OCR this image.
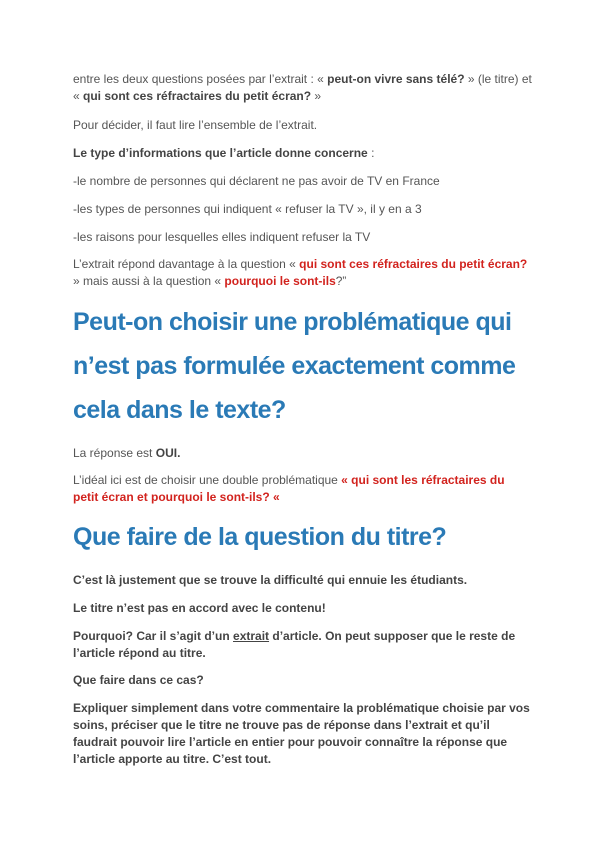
entre les deux questions posées par l’extrait : « peut-on vivre sans télé? » (le titre) et « qui sont ces réfractaires du petit écran? »

Pour décider, il faut lire l’ensemble de l’extrait.

Le type d’informations que l’article donne concerne :

-le nombre de personnes qui déclarent ne pas avoir de TV en France

-les types de personnes qui indiquent « refuser la TV », il y en a 3

-les raisons pour lesquelles elles indiquent refuser la TV

L’extrait répond davantage à la question « qui sont ces réfractaires du petit écran? » mais aussi à la question « pourquoi le sont-ils?”

Peut-on choisir une problématique qui n’est pas formulée exactement comme cela dans le texte?

La réponse est OUI.

L’idéal ici est de choisir une double problématique « qui sont les réfractaires du petit écran et pourquoi le sont-ils? «

Que faire de la question du titre?

C’est là justement que se trouve la difficulté qui ennuie les étudiants.

Le titre n’est pas en accord avec le contenu!

Pourquoi? Car il s’agit d’un extrait d’article. On peut supposer que le reste de l’article répond au titre.

Que faire dans ce cas?

Expliquer simplement dans votre commentaire la problématique choisie par vos soins, préciser que le titre ne trouve pas de réponse dans l’extrait et qu’il faudrait pouvoir lire l’article en entier pour pouvoir connaître la réponse que l’article apporte au titre. C’est tout.
